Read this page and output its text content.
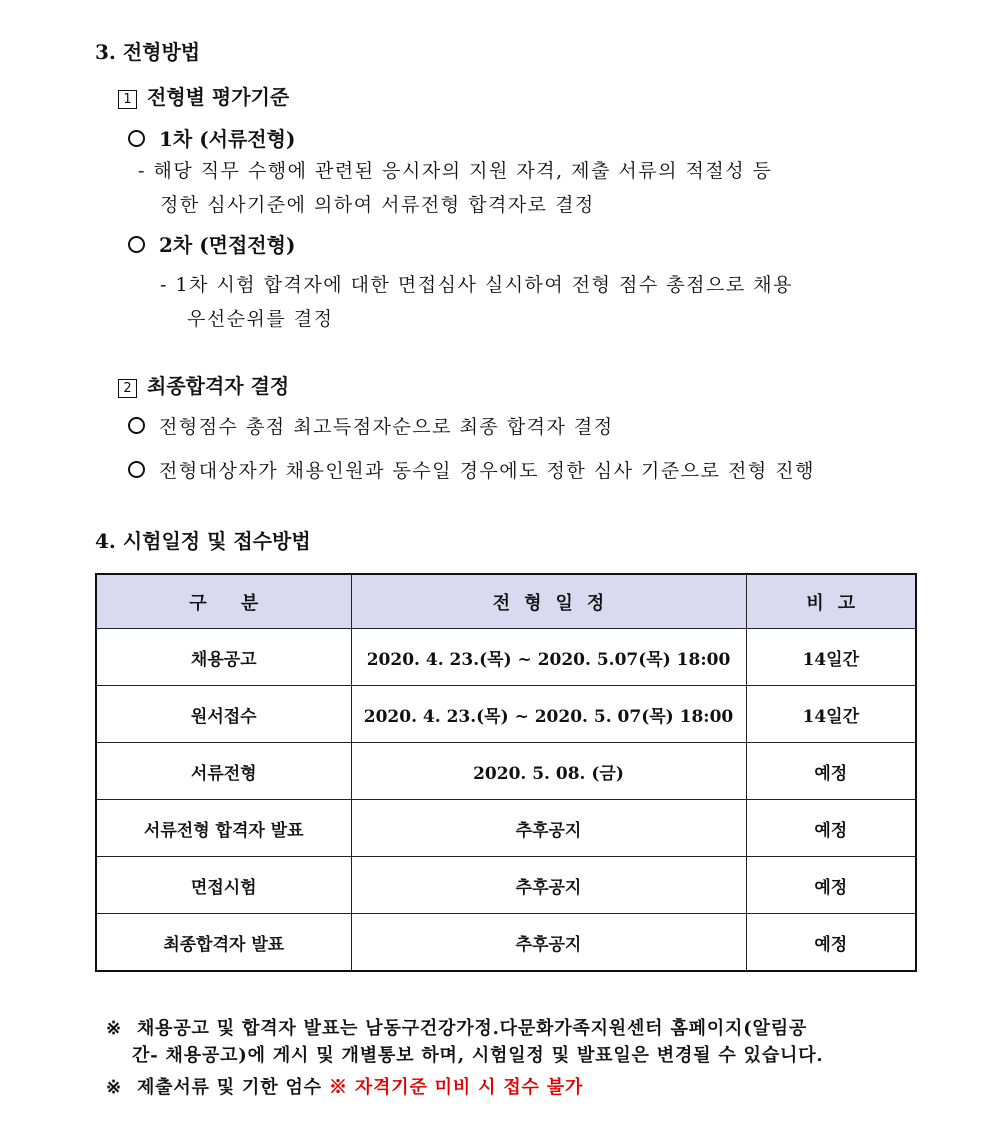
3. 전형방법
1 전형별 평가기준
1차 (서류전형)
- 해당 직무 수행에 관련된 응시자의 지원 자격, 제출 서류의 적절성 등
정한 심사기준에 의하여 서류전형 합격자로 결정
2차 (면접전형)
- 1차 시험 합격자에 대한 면접심사 실시하여 전형 점수 총점으로 채용
우선순위를 결정
2 최종합격자 결정
전형점수 총점 최고득점자순으로 최종 합격자 결정
전형대상자가 채용인원과 동수일 경우에도 정한 심사 기준으로 전형 진행
4. 시험일정 및 접수방법
구 분	전형일정	비고
채용공고	2020. 4. 23.(목) ~ 2020. 5.07(목) 18:00	14일간
원서접수	2020. 4. 23.(목) ~ 2020. 5. 07(목) 18:00	14일간
서류전형	2020. 5. 08. (금)	예정
서류전형 합격자 발표	추후공지	예정
면접시험	추후공지	예정
최종합격자 발표	추후공지	예정
※ 채용공고 및 합격자 발표는 남동구건강가정.다문화가족지원센터 홈페이지(알림공
간- 채용공고)에 게시 및 개별통보 하며, 시험일정 및 발표일은 변경될 수 있습니다.
※ 제출서류 및 기한 엄수 ※ 자격기준 미비 시 접수 불가
